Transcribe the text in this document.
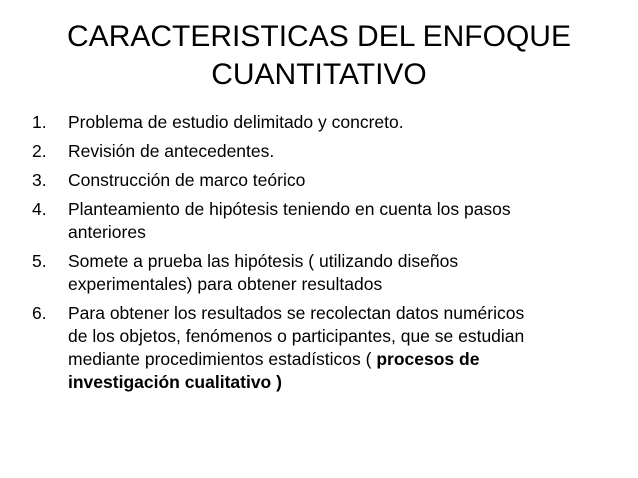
CARACTERISTICAS DEL ENFOQUE
CUANTITATIVO
1.	Problema de estudio delimitado y concreto.
2.	Revisión de antecedentes.
3.	Construcción de marco teórico
4.	Planteamiento de hipótesis teniendo en cuenta los pasos
anteriores
5.	Somete a prueba las hipótesis ( utilizando diseños
experimentales) para obtener resultados
6.	Para obtener los resultados se recolectan datos numéricos
de los objetos, fenómenos o participantes, que se estudian
mediante procedimientos estadísticos ( procesos de
investigación cualitativo )
